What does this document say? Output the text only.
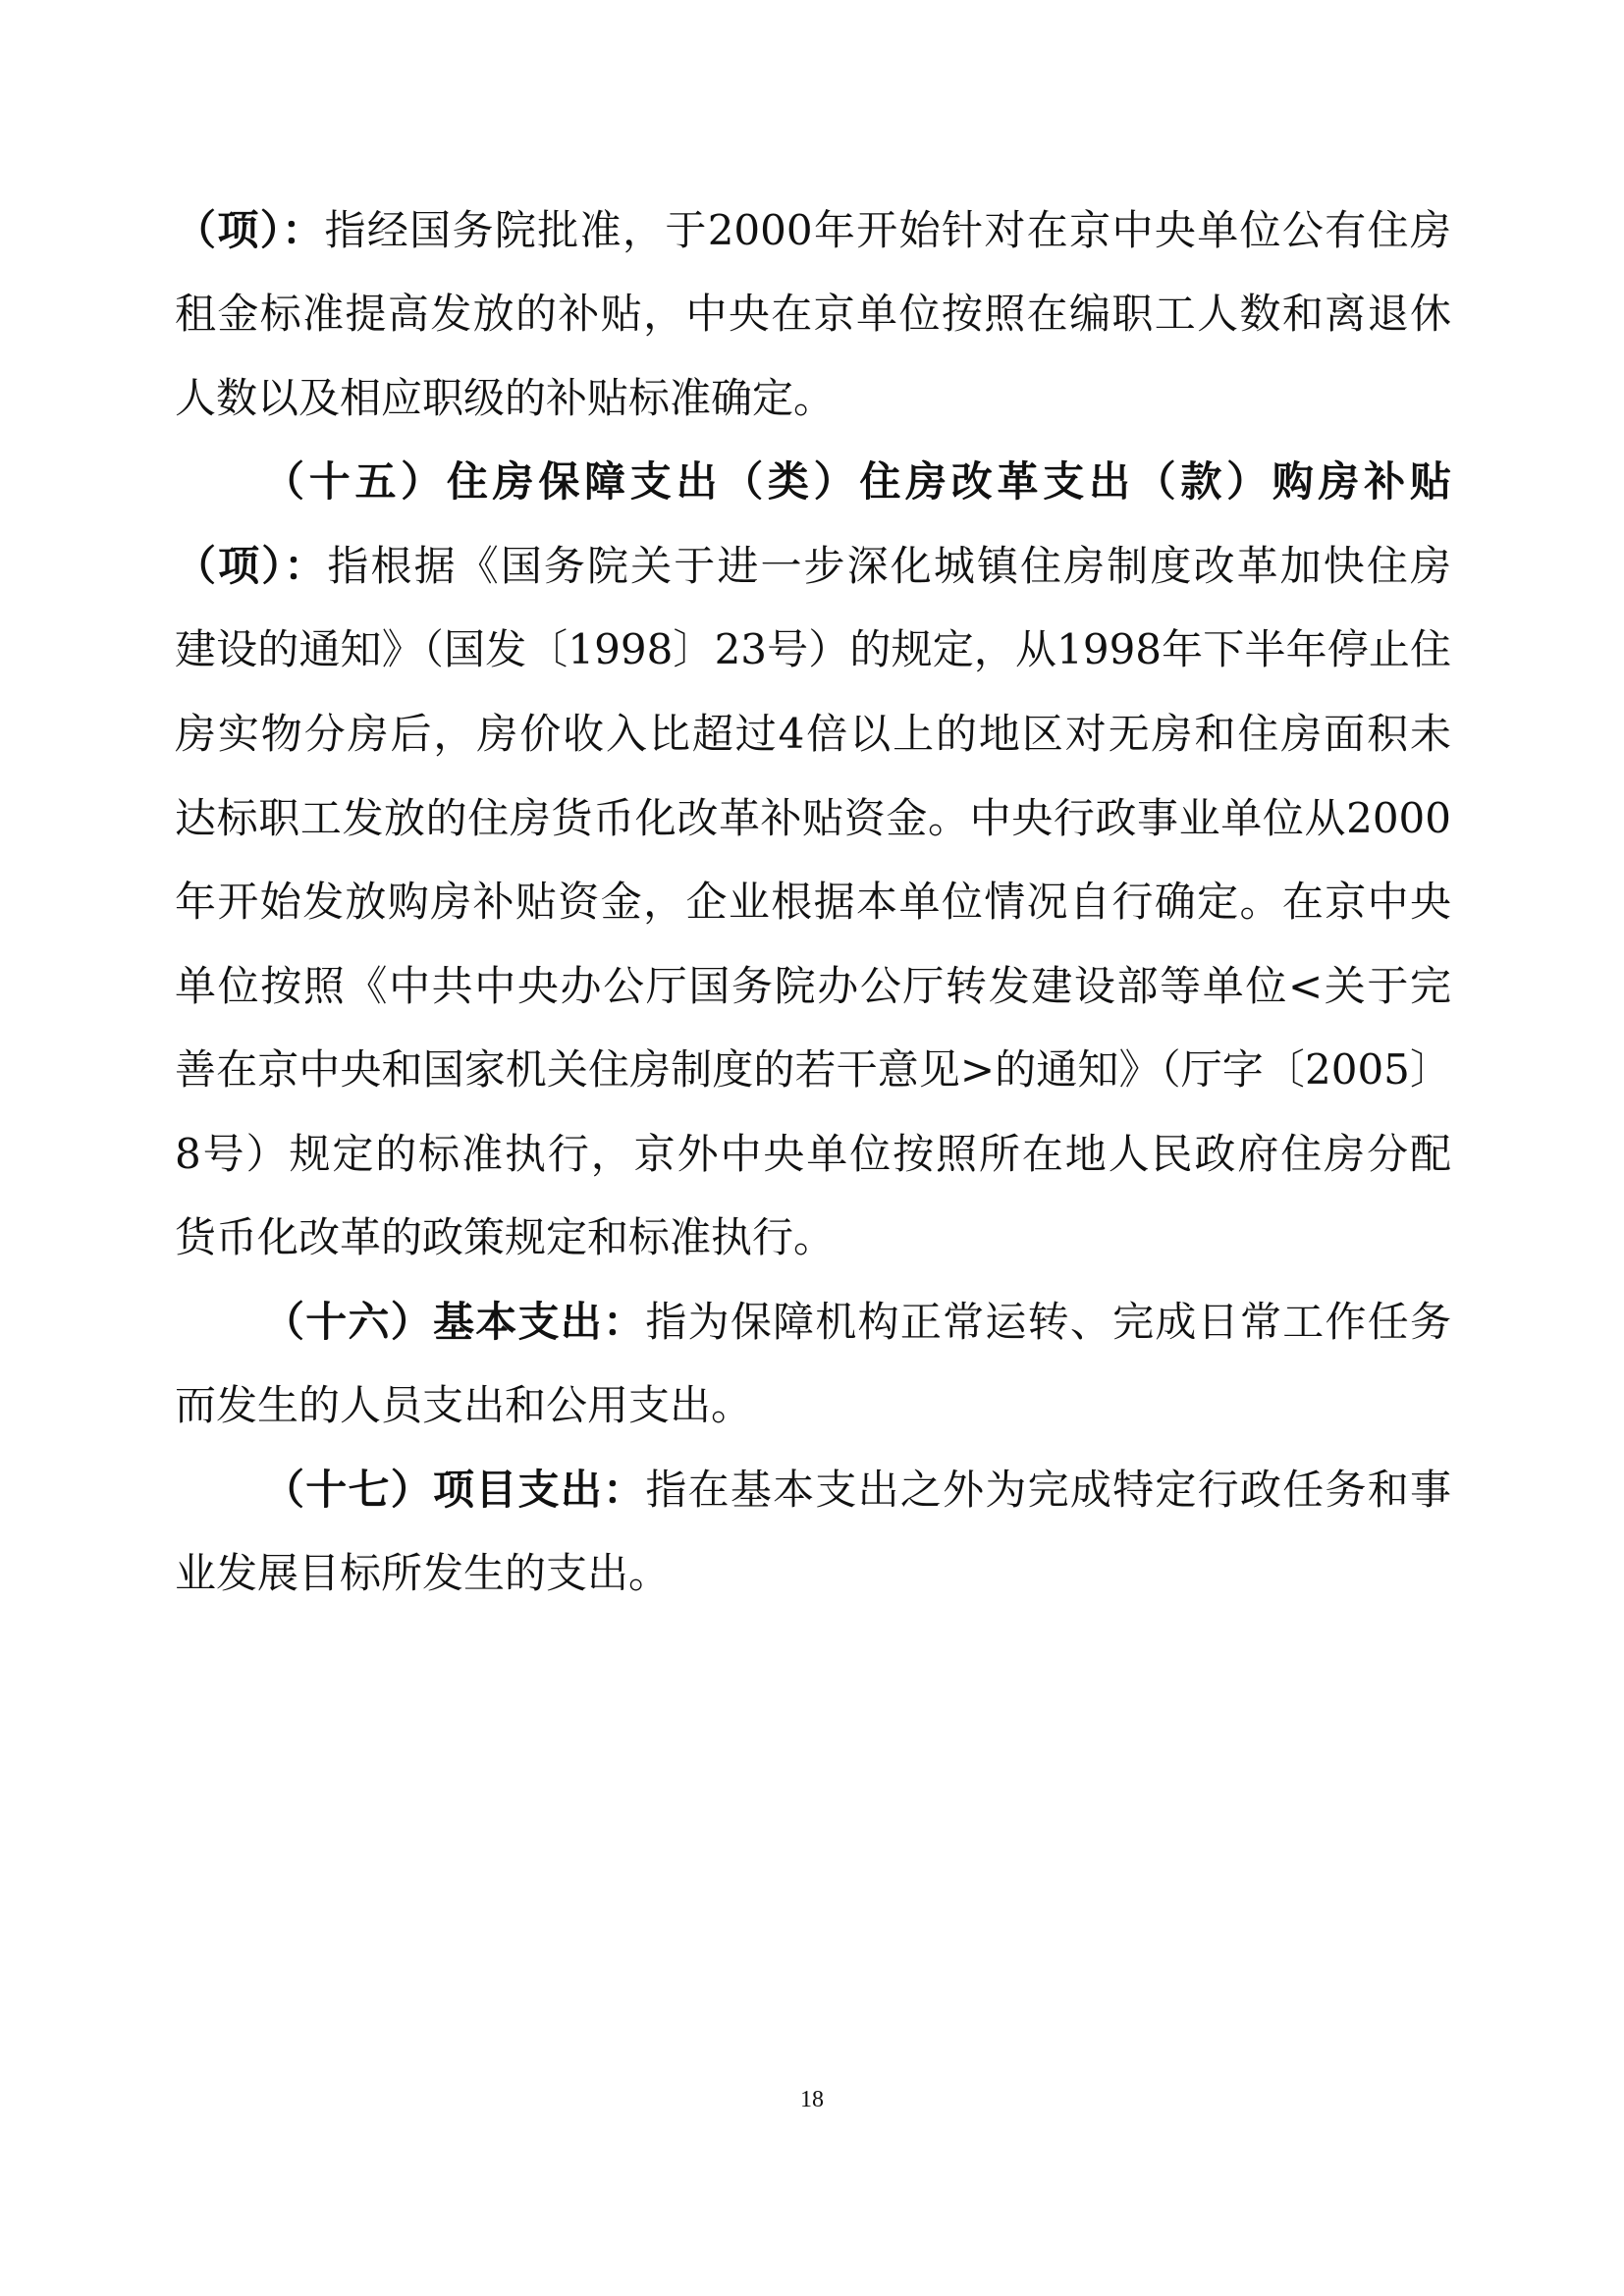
（项）：指经国务院批准，于2000年开始针对在京中央单位公有住房
租金标准提高发放的补贴，中央在京单位按照在编职工人数和离退休
人数以及相应职级的补贴标准确定。
（十五）住房保障支出（类）住房改革支出（款）购房补贴
（项）：指根据《国务院关于进一步深化城镇住房制度改革加快住房
建设的通知》（国发〔1998〕23号）的规定，从1998年下半年停止住
房实物分房后，房价收入比超过4倍以上的地区对无房和住房面积未
达标职工发放的住房货币化改革补贴资金。中央行政事业单位从2000
年开始发放购房补贴资金，企业根据本单位情况自行确定。在京中央
单位按照《中共中央办公厅国务院办公厅转发建设部等单位<关于完
善在京中央和国家机关住房制度的若干意见>的通知》（厅字〔2005〕
8号）规定的标准执行，京外中央单位按照所在地人民政府住房分配
货币化改革的政策规定和标准执行。
（十六）基本支出：指为保障机构正常运转、完成日常工作任务
而发生的人员支出和公用支出。
（十七）项目支出：指在基本支出之外为完成特定行政任务和事
业发展目标所发生的支出。
18
